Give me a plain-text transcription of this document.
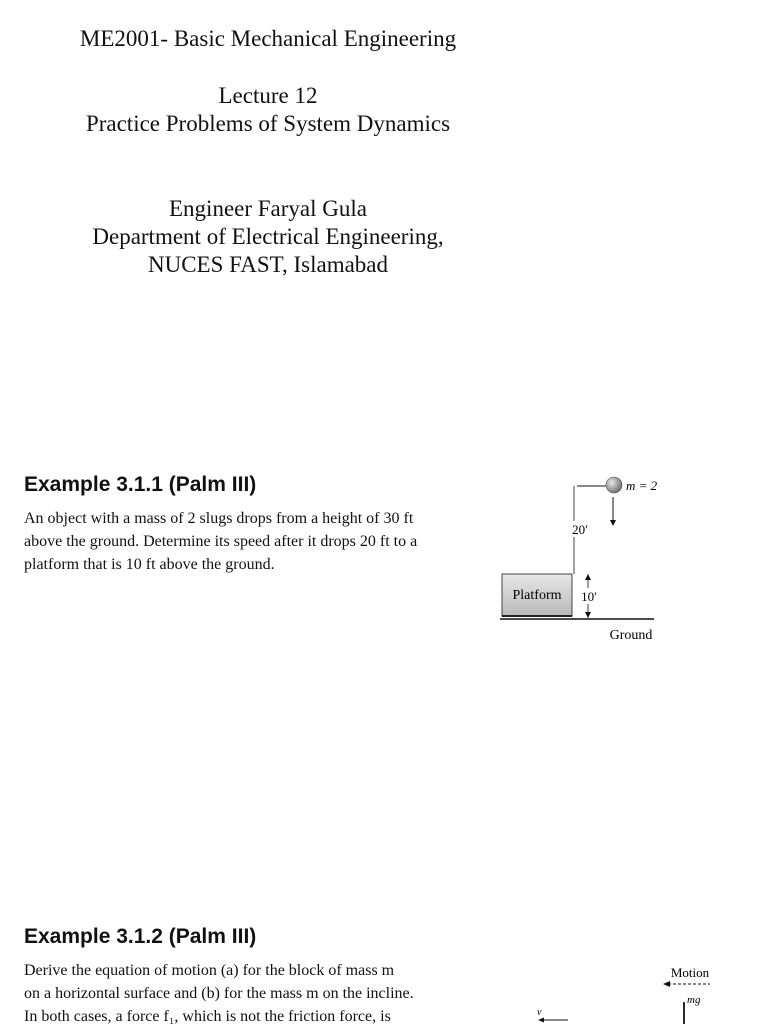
ME2001- Basic Mechanical Engineering
Lecture 12
Practice Problems of System Dynamics
Engineer Faryal Gula
Department of Electrical Engineering,
NUCES FAST, Islamabad
Example 3.1.1 (Palm III)

An object with a mass of 2 slugs drops from a height of 30 ft

above the ground. Determine its speed after it drops 20 ft to a

platform that is 10 ft above the ground.

m = 2
20′
Platform 10′
Ground
Example 3.1.2 (Palm III)

Derive the equation of motion (a) for the block of mass m

on a horizontal surface and (b) for the mass m on the incline.

In both cases, a force f₁, which is not the friction force, is	v
Motion
mg
